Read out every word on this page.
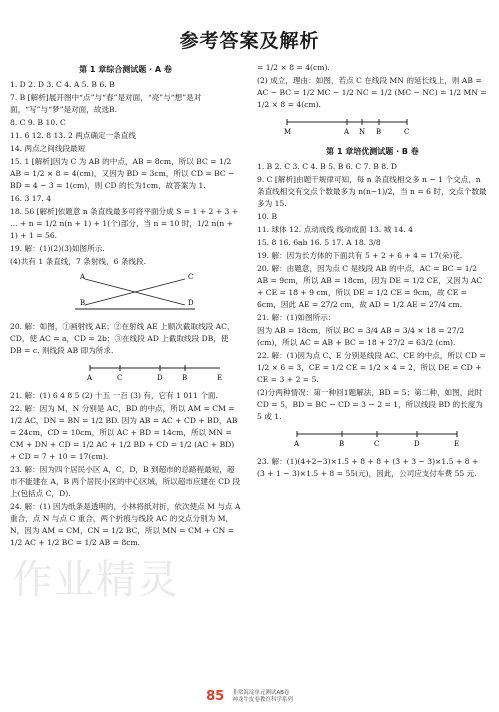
参考答案及解析
第 1 章综合测试题 · A 卷
1. D 2. D 3. C 4. A 5. B 6. B
7. B [解析]展开图中“点”与“春”是对面，“亮”与“想”是对面，“写”与“梦”是对面，故选B.
8. C 9. B 10. C
11. 6 12. 8 13. 2 两点确定一条直线
14. 两点之间线段最短
15. 1 [解析]因为 C 为 AB 的中点，AB = 8cm，所以 BC = 1/2 AB = 1/2 × 8 = 4(cm)，又因为 BD = 3cm，所以 CD = BC − BD = 4 − 3 = 1(cm)，则 CD 的长为1cm，故答案为 1.
16. 3 17. 4
18. 56 [解析]依题意 n 条直线最多可将平面分成 S = 1 + 2 + 3 + … + n = 1/2 n(n + 1) + 1(个)部分，当 n = 10 时，1/2 n(n + 1) + 1 = 56.
19. 解：(1)(2)(3)如图所示.
(4)共有 1 条直线，7 条射线，6 条线段.
A
B
C
D
20. 解：如图，①画射线 AE；②在射线 AE 上顺次截取线段 AC，CD，使 AC = a，CD = 2b；③在线段 AD 上截取线段 DB，使 DB = c. 则线段 AB 即为所求.
A	C	D	B	E
21. 解：(1) 6 4 8 5 (2) 十五 一百 (3) 有，它有 1 011 个面.
22. 解：因为 M，N 分别是 AC，BD 的中点，所以 AM = CM = 1/2 AC，DN = BN = 1/2 BD. 因为 AB = AC + CD + BD，AB = 24cm，CD = 10cm，所以 AC + BD = 14cm，所以 MN = CM + DN + CD = 1/2 AC + 1/2 BD + CD = 1/2 (AC + BD) + CD = 7 + 10 = 17(cm).
23. 解：因为四个居民小区 A，C，D，B 到超市的总路程最短，超市不能建在 A，B 两个居民小区的中心区域，所以超市应建在 CD 段上(包括点 C，D).
24. 解：(1) 因为纸条是透明的，小林将纸对折，依次使点 M 与点 A 重合，点 N 与点 C 重合，两个折痕与线段 AC 的交点分别为 M，N，因为 AM = CM，CN = 1/2 BC，所以 MN = CM + CN = 1/2 AC + 1/2 BC = 1/2 AB = 8cm.
= 1/2 × 8 = 4(cm).
(2) 成立，理由：如图，若点 C 在线段 MN 的延长线上，则 AB = AC − BC = 1/2 MC − 1/2 NC = 1/2 (MC − NC) = 1/2 MN = 1/2 × 8 = 4(cm).
M	A N B	C
第 1 章培优测试题 · B 卷
1. B 2. C 3. C 4. B 5. B 6. C 7. B 8. D
9. C [解析]由题干规律可知，每 n 条直线相交多 n − 1 个交点，n 条直线相交有交点个数最多为 n(n−1)/2，当 n = 6 时，交点个数最多为 15.
10. B
11. 球体 12. 点动成线 线动成面 13. 城 14. 4
15. 8 16. 6ab 16. 5 17. A 18. 3/8
19. 解：因为长方体的下面共有 5 + 2 + 6 + 4 = 17(朵)花.
20. 解：由题意，因为点 C 是线段 AB 的中点，AC = BC = 1/2 AB = 9cm，所以 AB = 18cm，因为 DE = 1/2 CE，又因为 AC + CE = 18 + 9 cm，所以 DE = 1/2 CE = 9cm，故 CE = 6cm，因此 AE = 27/2 cm，故 AD = 1/2 AE = 27/4 cm.
21. 解：(1)如图所示：
因为 AB = 18cm，所以 BC = 3/4 AB = 3/4 × 18 = 27/2 (cm)，所以 AC = AB + BC = 18 + 27/2 = 63/2 (cm).
22. 解：(1)因为点 C、E 分别是线段 AC、CE 的中点，所以 CD = 1/2 × 6 = 3，CE = 1/2 CE = 1/2 × 4 = 2，所以 DE = CD + CE = 3 + 2 = 5.
(2)分两种情况：第一种回1题解法，BD = 5；第二种，如图，此时 CD = 5，BD = BC − CD = 3 − 2 = 1，所以线段 BD 的长度为 5 或 1.
A	B	C	D	E
23. 解：(1)(4+2−3)×1.5 + 8 + 8 + (3 + 3 − 3)×1.5 + 8 + (3 + 1 − 3)×1.5 + 8 = 55(元)，因此，公司应支付车费 55 元.
作业精灵
85 非常海淀单元测试AB卷
神龙牛皮卷教育科学系列
